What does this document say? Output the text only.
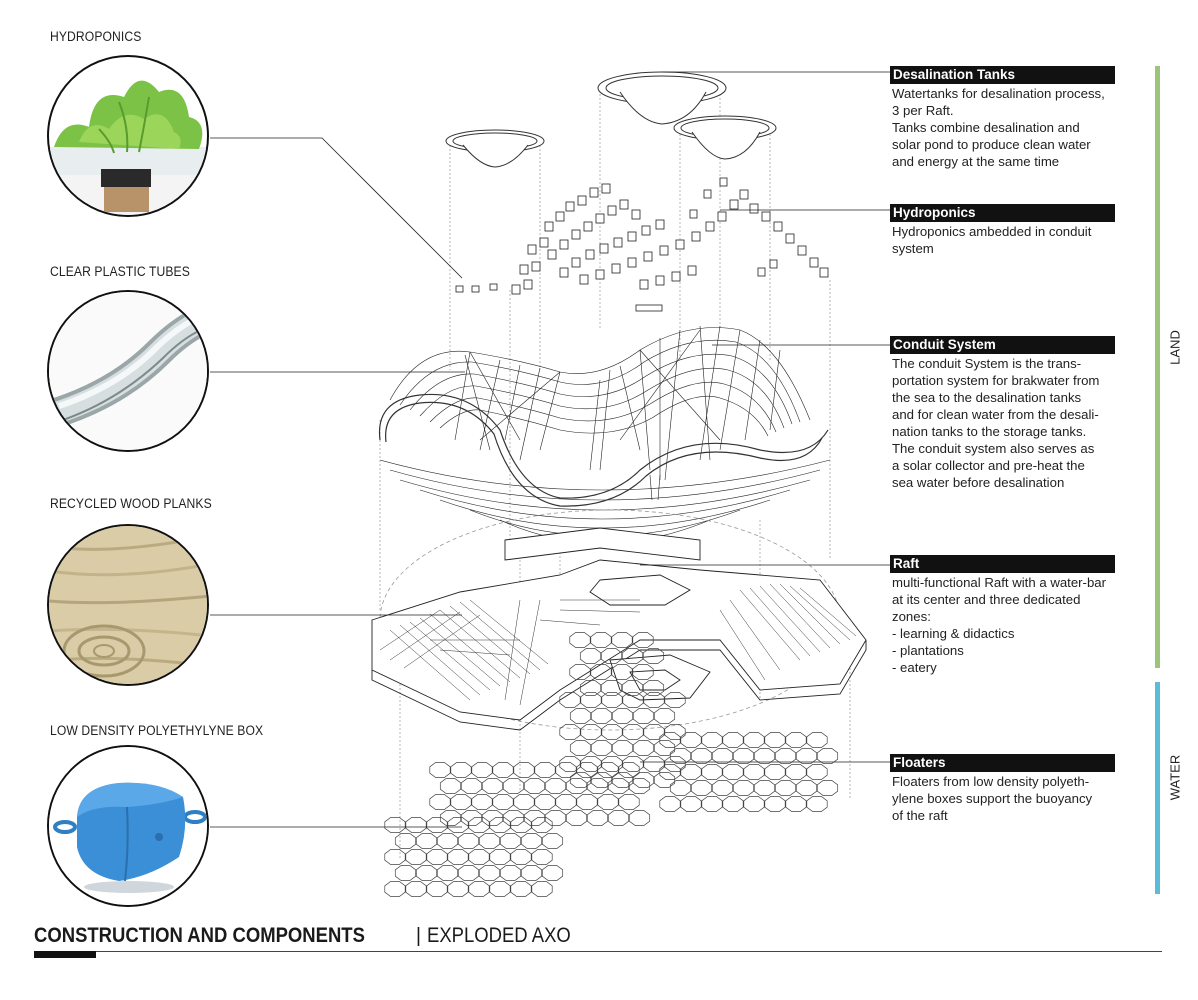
HYDROPONICS
CLEAR PLASTIC TUBES
RECYCLED WOOD PLANKS
LOW DENSITY POLYETHYLYNE BOX
Desalination Tanks
Watertanks for desalination process,
3 per Raft.
Tanks combine desalination and
solar pond to produce clean water
and energy at the same time
Hydroponics
Hydroponics ambedded in conduit
system
Conduit System
The conduit System is the trans-
portation system for brakwater from
the sea to the desalination tanks
and for clean water from the desali-
nation tanks to the storage tanks.
The conduit system also serves as
a solar collector and pre-heat the
sea water before desalination
Raft
multi-functional Raft with a water-bar
at its center and three dedicated
zones:
- learning & didactics
- plantations
- eatery
Floaters
Floaters from low density polyeth-
ylene boxes support the buoyancy
of the raft
LAND
WATER
CONSTRUCTION AND COMPONENTS	| EXPLODED AXO
